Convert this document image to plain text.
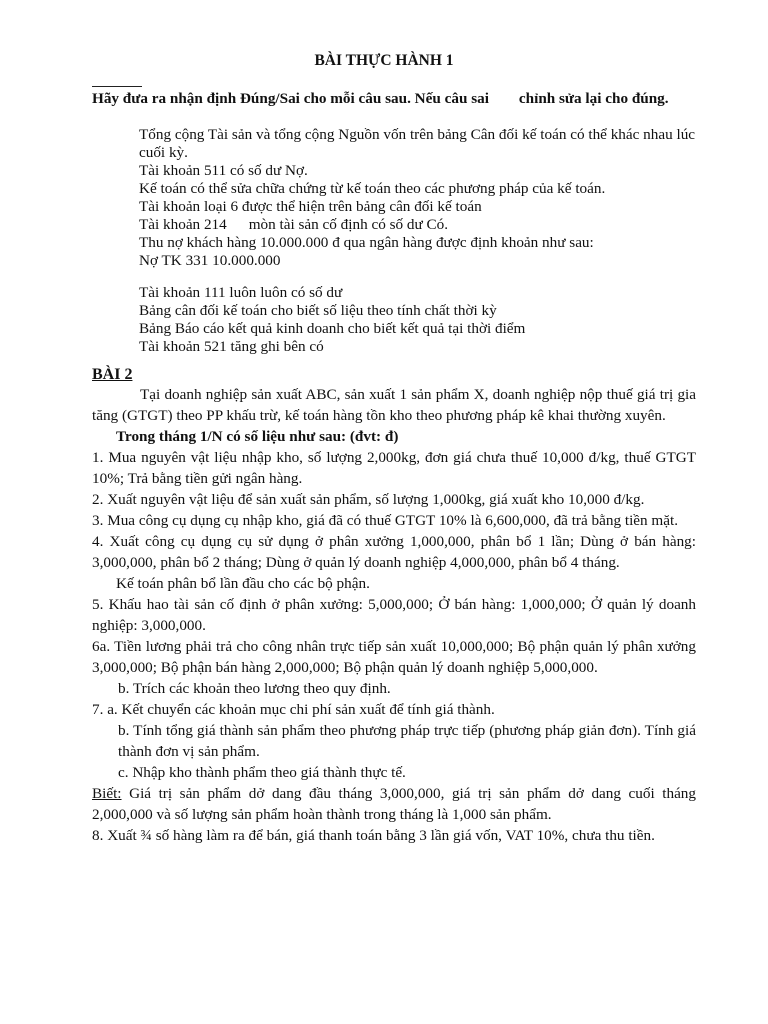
BÀI THỰC HÀNH 1
Hãy đưa ra nhận định Đúng/Sai cho mỗi câu sau. Nếu câu sai chỉnh sửa lại cho đúng.
Tổng cộng Tài sản và tổng cộng Nguồn vốn trên bảng Cân đối kế toán có thể khác nhau lúc cuối kỳ.
Tài khoản 511 có số dư Nợ.
Kế toán có thể sửa chữa chứng từ kế toán theo các phương pháp của kế toán.
Tài khoản loại 6 được thể hiện trên bảng cân đối kế toán
Tài khoản 214 mòn tài sản cố định có số dư Có.
Thu nợ khách hàng 10.000.000 đ qua ngân hàng được định khoản như sau:
Nợ TK 331 10.000.000
Tài khoản 111 luôn luôn có số dư
Bảng cân đối kế toán cho biết số liệu theo tính chất thời kỳ
Bảng Báo cáo kết quả kinh doanh cho biết kết quả tại thời điểm
Tài khoản 521 tăng ghi bên có
BÀI 2

Tại doanh nghiệp sản xuất ABC, sản xuất 1 sản phẩm X, doanh nghiệp nộp thuế giá trị gia tăng (GTGT) theo PP khấu trừ, kế toán hàng tồn kho theo phương pháp kê khai thường xuyên.

Trong tháng 1/N có số liệu như sau: (đvt: đ)

1. Mua nguyên vật liệu nhập kho, số lượng 2,000kg, đơn giá chưa thuế 10,000 đ/kg, thuế GTGT 10%; Trả bằng tiền gửi ngân hàng.

2. Xuất nguyên vật liệu để sản xuất sản phẩm, số lượng 1,000kg, giá xuất kho 10,000 đ/kg.

3. Mua công cụ dụng cụ nhập kho, giá đã có thuế GTGT 10% là 6,600,000, đã trả bằng tiền mặt.

4. Xuất công cụ dụng cụ sử dụng ở phân xưởng 1,000,000, phân bổ 1 lần; Dùng ở bán hàng: 3,000,000, phân bổ 2 tháng; Dùng ở quản lý doanh nghiệp 4,000,000, phân bổ 4 tháng.

Kế toán phân bổ lần đầu cho các bộ phận.

5. Khấu hao tài sản cố định ở phân xưởng: 5,000,000; Ở bán hàng: 1,000,000; Ở quản lý doanh nghiệp: 3,000,000.

6a. Tiền lương phải trả cho công nhân trực tiếp sản xuất 10,000,000; Bộ phận quản lý phân xưởng 3,000,000; Bộ phận bán hàng 2,000,000; Bộ phận quản lý doanh nghiệp 5,000,000.

b. Trích các khoản theo lương theo quy định.

7. a. Kết chuyển các khoản mục chi phí sản xuất để tính giá thành.

b. Tính tổng giá thành sản phẩm theo phương pháp trực tiếp (phương pháp giản đơn). Tính giá thành đơn vị sản phẩm.

c. Nhập kho thành phẩm theo giá thành thực tế.

Biết: Giá trị sản phẩm dở dang đầu tháng 3,000,000, giá trị sản phẩm dở dang cuối tháng 2,000,000 và số lượng sản phẩm hoàn thành trong tháng là 1,000 sản phẩm.

8. Xuất ¾ số hàng làm ra để bán, giá thanh toán bằng 3 lần giá vốn, VAT 10%, chưa thu tiền.
